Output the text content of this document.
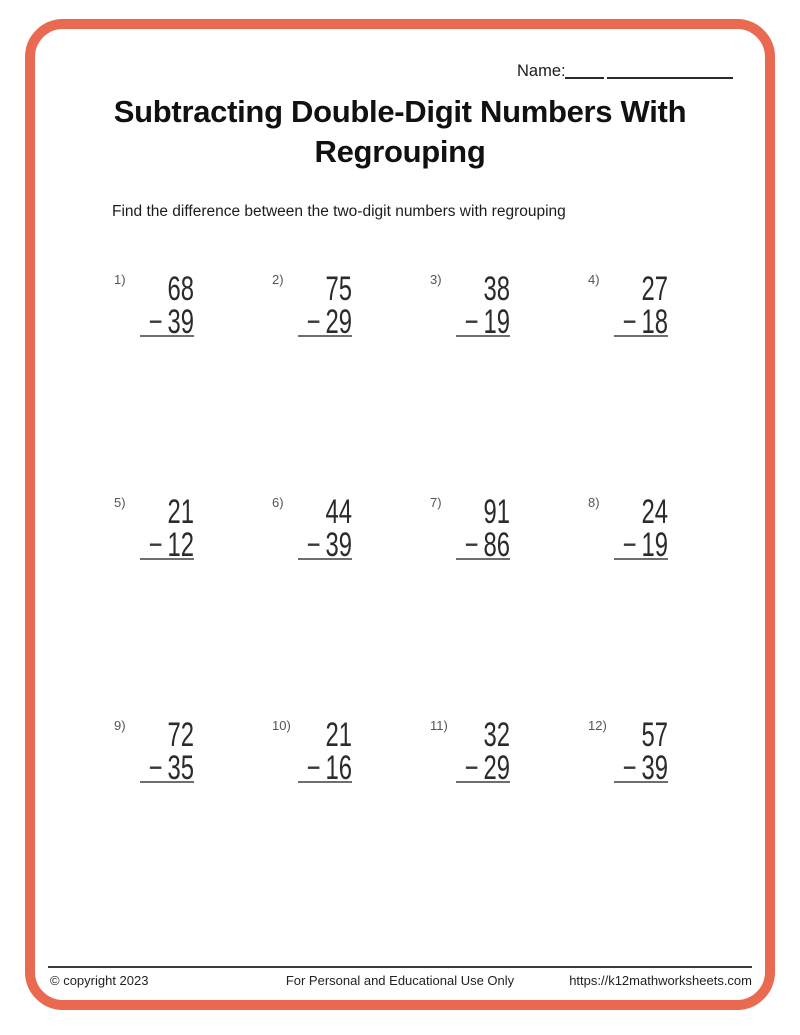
Name:
Subtracting Double-Digit Numbers With
Regrouping
Find the difference between the two-digit numbers with regrouping
1)	68
− 39
2)	75
− 29
3)	38
− 19
4)	27
− 18
5)	21
− 12
6)	44
− 39
7)	91
− 86
8)	24
− 19
9)	72
− 35
10)	21
− 16
11)	32
− 29
12)	57
− 39
© copyright 2023	For Personal and Educational Use Only	https://k12mathworksheets.com
